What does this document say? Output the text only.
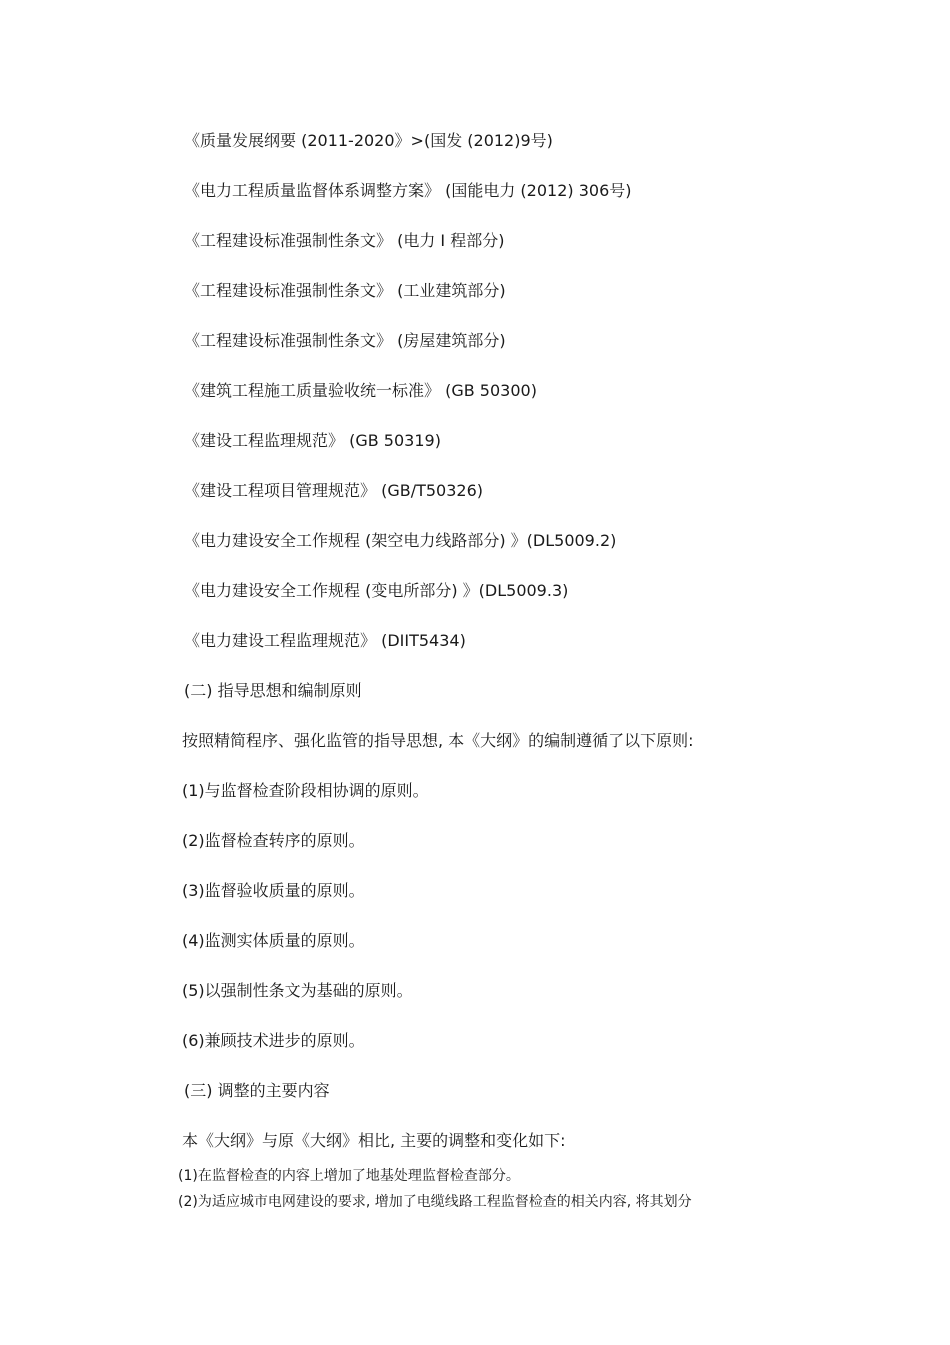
《质量发展纲要 (2011-2020》>(国发 (2012)9号)
《电力工程质量监督体系调整方案》 (国能电力 (2012) 306号)
《工程建设标准强制性条文》 (电力 I 程部分)
《工程建设标准强制性条文》 (工业建筑部分)
《工程建设标准强制性条文》 (房屋建筑部分)
《建筑工程施工质量验收统一标准》 (GB 50300)
《建设工程监理规范》 (GB 50319)
《建设工程项目管理规范》 (GB/T50326)
《电力建设安全工作规程 (架空电力线路部分) 》(DL5009.2)
《电力建设安全工作规程 (变电所部分) 》(DL5009.3)
《电力建设工程监理规范》 (DIIT5434)
(二) 指导思想和编制原则
按照精简程序、强化监管的指导思想, 本《大纲》的编制遵循了以下原则:
(1)与监督检查阶段相协调的原则。
(2)监督检查转序的原则。
(3)监督验收质量的原则。
(4)监测实体质量的原则。
(5)以强制性条文为基础的原则。
(6)兼顾技术进步的原则。
(三) 调整的主要内容
本《大纲》与原《大纲》相比, 主要的调整和变化如下:
(1)在监督检查的内容上增加了地基处理监督检查部分。
(2)为适应城市电网建设的要求, 增加了电缆线路工程监督检查的相关内容, 将其划分
